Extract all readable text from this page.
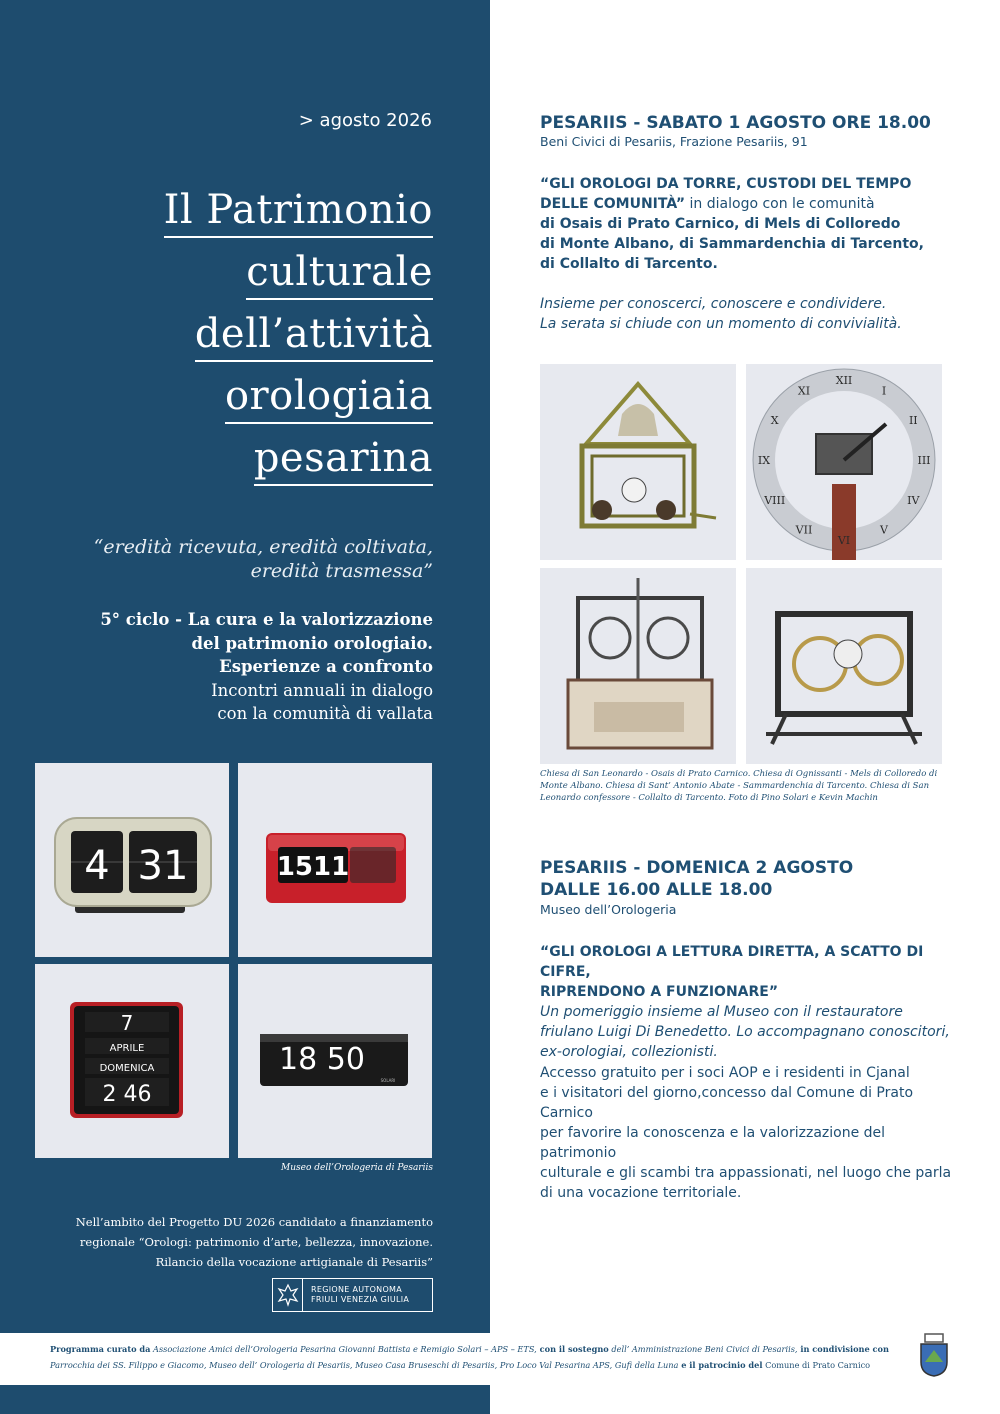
> agosto 2026
Il Patrimonio
culturale
dell’attività
orologiaia
pesarina
“eredità ricevuta, eredità coltivata,
eredità trasmessa”
5° ciclo - La cura e la valorizzazione
del patrimonio orologiaio.
Esperienze a confronto
Incontri annuali in dialogo
con la comunità di vallata
4 31	1511
7
APRILE
DOMENICA
2 46
18 50
SOLARI
Museo dell’Orologeria di Pesariis
Nell’ambito del Progetto DU 2026 candidato a finanziamento
regionale “Orologi: patrimonio d’arte, bellezza, innovazione.
Rilancio della vocazione artigianale di Pesariis”
REGIONE AUTONOMA
FRIULI VENEZIA GIULIA
PESARIIS - SABATO 1 AGOSTO ORE 18.00
Beni Civici di Pesariis, Frazione Pesariis, 91
“GLI OROLOGI DA TORRE, CUSTODI DEL TEMPO DELLE COMUNITÀ” in dialogo con le comunità
di Osais di Prato Carnico, di Mels di Colloredo
di Monte Albano, di Sammardenchia di Tarcento,
di Collalto di Tarcento.
Insieme per conoscerci, conoscere e condividere.
La serata si chiude con un momento di convivialità.
XII
I
II
III
IV
V
VI
VII
VIII
IX
X
XI
Chiesa di San Leonardo - Osais di Prato Carnico. Chiesa di Ognissanti - Mels di Colloredo di Monte Albano. Chiesa di Sant’ Antonio Abate - Sammardenchia di Tarcento. Chiesa di San Leonardo confessore - Collalto di Tarcento. Foto di Pino Solari e Kevin Machin
PESARIIS - DOMENICA 2 AGOSTO
DALLE 16.00 ALLE 18.00
Museo dell’Orologeria
“GLI OROLOGI A LETTURA DIRETTA, A SCATTO DI CIFRE,
RIPRENDONO A FUNZIONARE”
Un pomeriggio insieme al Museo con il restauratore
friulano Luigi Di Benedetto. Lo accompagnano conoscitori,
ex-orologiai, collezionisti.
Accesso gratuito per i soci AOP e i residenti in Cjanal
e i visitatori del giorno,concesso dal Comune di Prato Carnico
per favorire la conoscenza e la valorizzazione del patrimonio
culturale e gli scambi tra appassionati, nel luogo che parla
di una vocazione territoriale.
Programma curato da Associazione Amici dell’Orologeria Pesarina Giovanni Battista e Remigio Solari – APS – ETS, con il sostegno dell’ Amministrazione Beni Civici di Pesariis, in condivisione con
Parrocchia dei SS. Filippo e Giacomo, Museo dell’ Orologeria di Pesariis, Museo Casa Bruseschi di Pesariis, Pro Loco Val Pesarina APS, Gufi della Luna e il patrocinio del Comune di Prato Carnico
